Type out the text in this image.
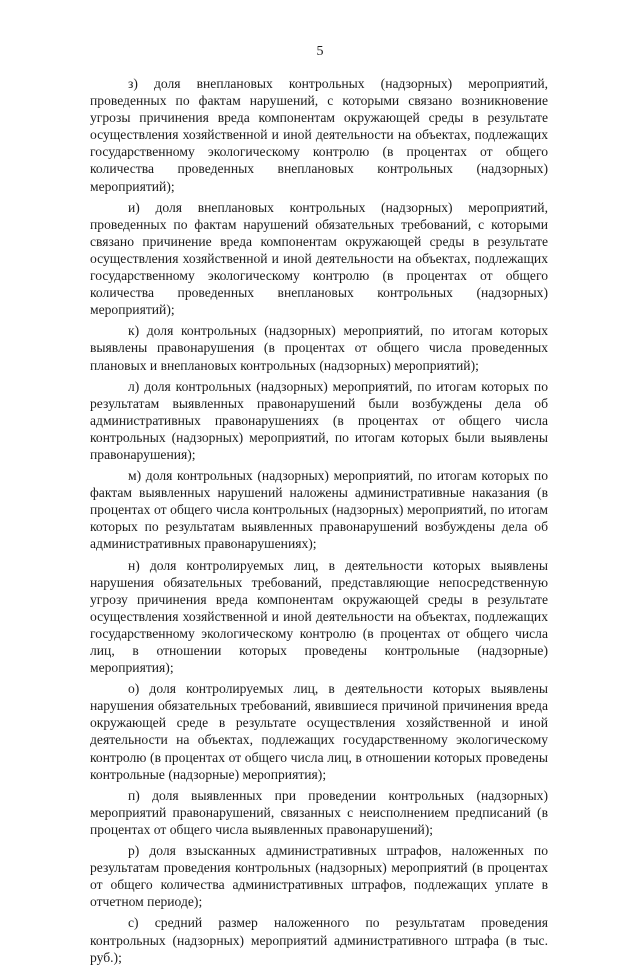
5

з) доля внеплановых контрольных (надзорных) мероприятий, проведенных по фактам нарушений, с которыми связано возникновение угрозы причинения вреда компонентам окружающей среды в результате осуществления хозяйственной и иной деятельности на объектах, подлежащих государственному экологическому контролю (в процентах от общего количества проведенных внеплановых контрольных (надзорных) мероприятий);

и) доля внеплановых контрольных (надзорных) мероприятий, проведенных по фактам нарушений обязательных требований, с которыми связано причинение вреда компонентам окружающей среды в результате осуществления хозяйственной и иной деятельности на объектах, подлежащих государственному экологическому контролю (в процентах от общего количества проведенных внеплановых контрольных (надзорных) мероприятий);

к) доля контрольных (надзорных) мероприятий, по итогам которых выявлены правонарушения (в процентах от общего числа проведенных плановых и внеплановых контрольных (надзорных) мероприятий);

л) доля контрольных (надзорных) мероприятий, по итогам которых по результатам выявленных правонарушений были возбуждены дела об административных правонарушениях (в процентах от общего числа контрольных (надзорных) мероприятий, по итогам которых были выявлены правонарушения);

м) доля контрольных (надзорных) мероприятий, по итогам которых по фактам выявленных нарушений наложены административные наказания (в процентах от общего числа контрольных (надзорных) мероприятий, по итогам которых по результатам выявленных правонарушений возбуждены дела об административных правонарушениях);

н) доля контролируемых лиц, в деятельности которых выявлены нарушения обязательных требований, представляющие непосредственную угрозу причинения вреда компонентам окружающей среды в результате осуществления хозяйственной и иной деятельности на объектах, подлежащих государственному экологическому контролю (в процентах от общего числа лиц, в отношении которых проведены контрольные (надзорные) мероприятия);

о) доля контролируемых лиц, в деятельности которых выявлены нарушения обязательных требований, явившиеся причиной причинения вреда окружающей среде в результате осуществления хозяйственной и иной деятельности на объектах, подлежащих государственному экологическому контролю (в процентах от общего числа лиц, в отношении которых проведены контрольные (надзорные) мероприятия);

п) доля выявленных при проведении контрольных (надзорных) мероприятий правонарушений, связанных с неисполнением предписаний (в процентах от общего числа выявленных правонарушений);

р) доля взысканных административных штрафов, наложенных по результатам проведения контрольных (надзорных) мероприятий (в процентах от общего количества административных штрафов, подлежащих уплате в отчетном периоде);

с) средний размер наложенного по результатам проведения контрольных (надзорных) мероприятий административного штрафа (в тыс. руб.);
